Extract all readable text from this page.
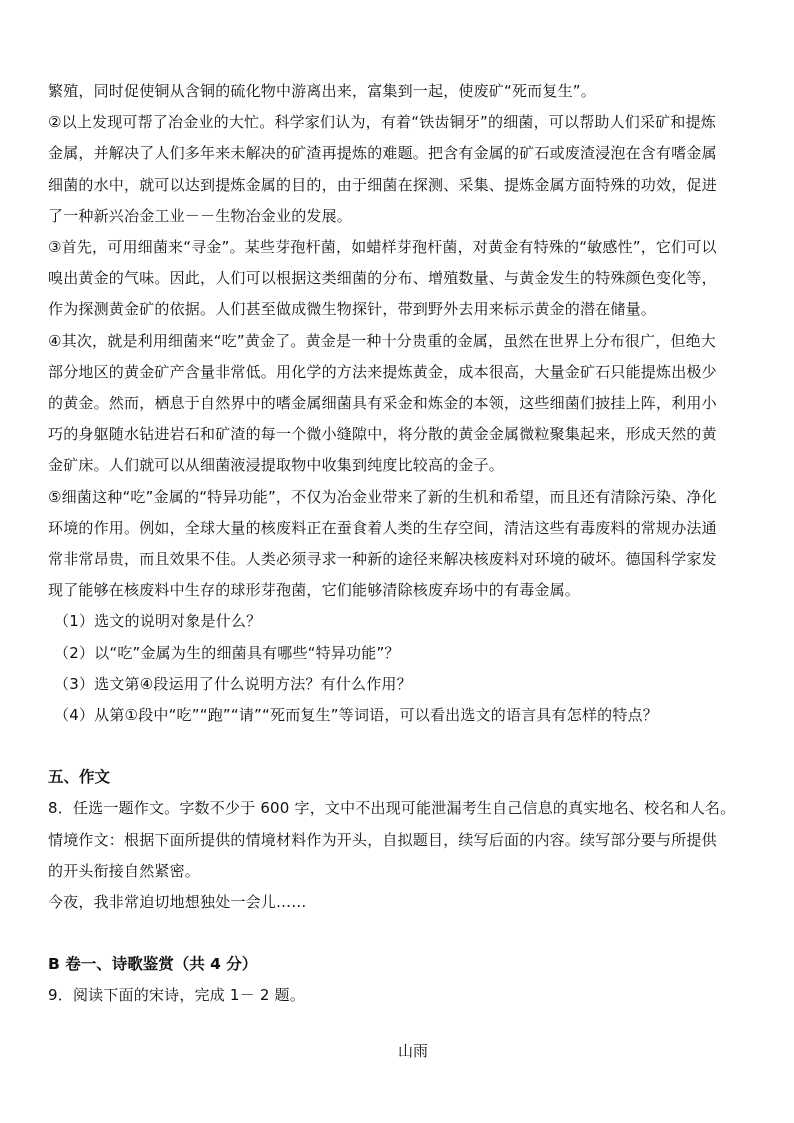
繁殖，同时促使铜从含铜的硫化物中游离出来，富集到一起，使废矿“死而复生”。
②以上发现可帮了冶金业的大忙。科学家们认为，有着“铁齿铜牙”的细菌，可以帮助人们采矿和提炼
金属，并解决了人们多年来未解决的矿渣再提炼的难题。把含有金属的矿石或废渣浸泡在含有嗜金属
细菌的水中，就可以达到提炼金属的目的，由于细菌在探测、采集、提炼金属方面特殊的功效，促进
了一种新兴冶金工业－－生物冶金业的发展。
③首先，可用细菌来“寻金”。某些芽孢杆菌，如蜡样芽孢杆菌，对黄金有特殊的“敏感性”，它们可以
嗅出黄金的气味。因此，人们可以根据这类细菌的分布、增殖数量、与黄金发生的特殊颜色变化等，
作为探测黄金矿的依据。人们甚至做成微生物探针，带到野外去用来标示黄金的潜在储量。
④其次，就是利用细菌来“吃”黄金了。黄金是一种十分贵重的金属，虽然在世界上分布很广，但绝大
部分地区的黄金矿产含量非常低。用化学的方法来提炼黄金，成本很高，大量金矿石只能提炼出极少
的黄金。然而，栖息于自然界中的嗜金属细菌具有采金和炼金的本领，这些细菌们披挂上阵，利用小
巧的身躯随水钻进岩石和矿渣的每一个微小缝隙中，将分散的黄金金属微粒聚集起来，形成天然的黄
金矿床。人们就可以从细菌液浸提取物中收集到纯度比较高的金子。
⑤细菌这种“吃”金属的“特异功能”，不仅为冶金业带来了新的生机和希望，而且还有清除污染、净化
环境的作用。例如，全球大量的核废料正在蚕食着人类的生存空间，清洁这些有毒废料的常规办法通
常非常昂贵，而且效果不佳。人类必须寻求一种新的途径来解决核废料对环境的破坏。德国科学家发
现了能够在核废料中生存的球形芽孢菌，它们能够清除核废弃场中的有毒金属。
（1）选文的说明对象是什么？
（2）以“吃”金属为生的细菌具有哪些“特异功能”？
（3）选文第④段运用了什么说明方法？有什么作用？
（4）从第①段中“吃”“跑”“请”“死而复生”等词语，可以看出选文的语言具有怎样的特点？
五、作文
8．任选一题作文。字数不少于 600 字，文中不出现可能泄漏考生自己信息的真实地名、校名和人名。
情境作文：根据下面所提供的情境材料作为开头，自拟题目，续写后面的内容。续写部分要与所提供
的开头衔接自然紧密。
今夜，我非常迫切地想独处一会儿……
B 卷一、诗歌鉴赏（共 4 分）
9．阅读下面的宋诗，完成 1－ 2 题。
山雨
